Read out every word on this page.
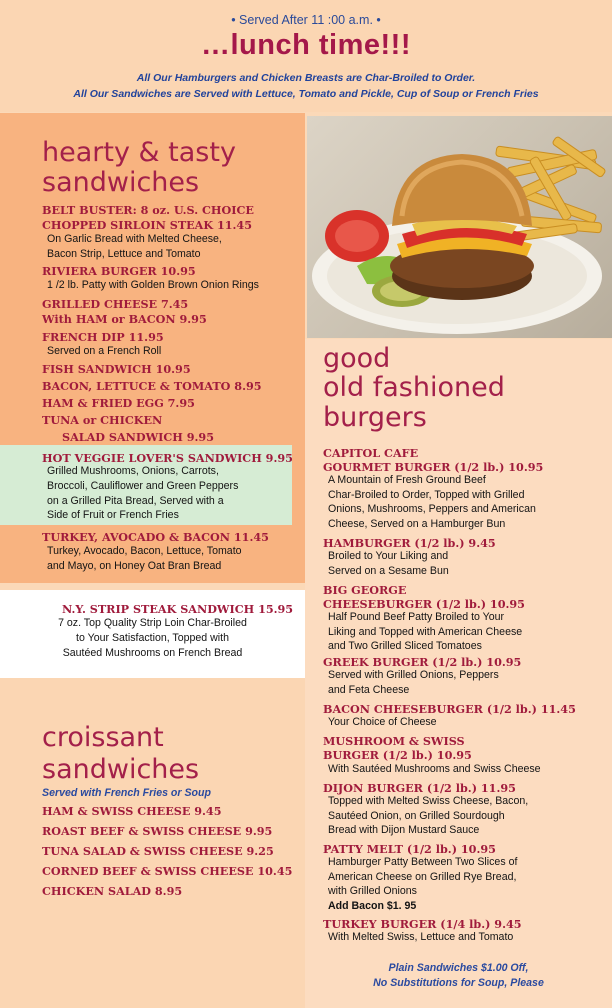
• Served After 11 :00 a.m. •
…lunch time!!!
All Our Hamburgers and Chicken Breasts are Char-Broiled to Order.
All Our Sandwiches are Served with Lettuce, Tomato and Pickle, Cup of Soup or French Fries
hearty & tasty
sandwiches
BELT BUSTER: 8 oz. U.S. CHOICE
CHOPPED SIRLOIN STEAK 11.45
On Garlic Bread with Melted Cheese,
Bacon Strip, Lettuce and Tomato
RIVIERA BURGER 10.95
1 /2 lb. Patty with Golden Brown Onion Rings
GRILLED CHEESE 7.45
With HAM or BACON 9.95
FRENCH DIP 11.95
Served on a French Roll
FISH SANDWICH 10.95
BACON, LETTUCE & TOMATO 8.95
HAM & FRIED EGG 7.95
TUNA or CHICKEN
SALAD SANDWICH 9.95
HOT VEGGIE LOVER'S SANDWICH 9.95
Grilled Mushrooms, Onions, Carrots,
Broccoli, Cauliflower and Green Peppers
on a Grilled Pita Bread, Served with a
Side of Fruit or French Fries
TURKEY, AVOCADO & BACON 11.45
Turkey, Avocado, Bacon, Lettuce, Tomato
and Mayo, on Honey Oat Bran Bread
N.Y. STRIP STEAK SANDWICH 15.95
7 oz. Top Quality Strip Loin Char-Broiled
to Your Satisfaction, Topped with
Sautéed Mushrooms on French Bread
croissant
sandwiches
Served with French Fries or Soup
HAM & SWISS CHEESE 9.45
ROAST BEEF & SWISS CHEESE 9.95
TUNA SALAD & SWISS CHEESE 9.25
CORNED BEEF & SWISS CHEESE 10.45
CHICKEN SALAD 8.95
good
old fashioned
burgers
CAPITOL CAFE
GOURMET BURGER (1/2 lb.) 10.95
A Mountain of Fresh Ground Beef
Char-Broiled to Order, Topped with Grilled
Onions, Mushrooms, Peppers and American
Cheese, Served on a Hamburger Bun
HAMBURGER (1/2 lb.) 9.45
Broiled to Your Liking and
Served on a Sesame Bun
BIG GEORGE
CHEESEBURGER (1/2 lb.) 10.95
Half Pound Beef Patty Broiled to Your
Liking and Topped with American Cheese
and Two Grilled Sliced Tomatoes
GREEK BURGER (1/2 lb.) 10.95
Served with Grilled Onions, Peppers
and Feta Cheese
BACON CHEESEBURGER (1/2 lb.) 11.45
Your Choice of Cheese
MUSHROOM & SWISS
BURGER (1/2 lb.) 10.95
With Sautéed Mushrooms and Swiss Cheese
DIJON BURGER (1/2 lb.) 11.95
Topped with Melted Swiss Cheese, Bacon,
Sautéed Onion, on Grilled Sourdough
Bread with Dijon Mustard Sauce
PATTY MELT (1/2 lb.) 10.95
Hamburger Patty Between Two Slices of
American Cheese on Grilled Rye Bread,
with Grilled Onions
Add Bacon $1. 95
TURKEY BURGER (1/4 lb.) 9.45
With Melted Swiss, Lettuce and Tomato
Plain Sandwiches $1.00 Off,
No Substitutions for Soup, Please
